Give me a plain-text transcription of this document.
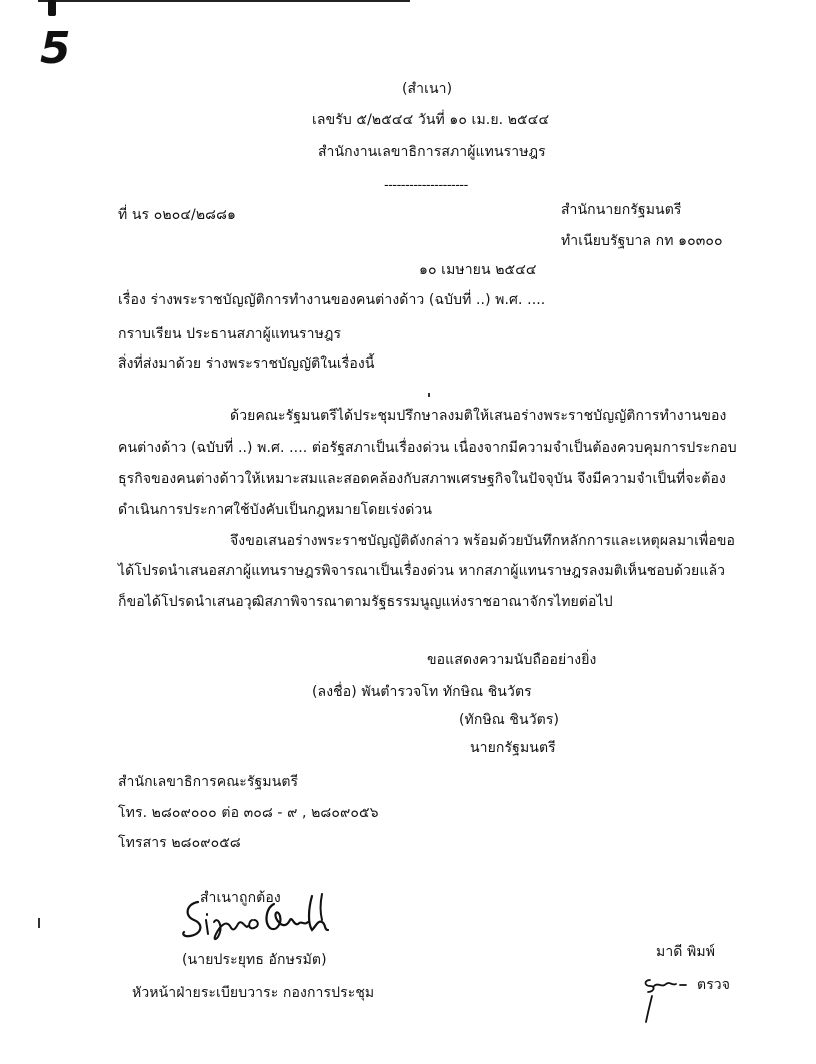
5
(สำเนา)
เลขรับ ๕/๒๕๔๔ วันที่ ๑๐ เม.ย. ๒๕๔๔
สำนักงานเลขาธิการสภาผู้แทนราษฎร
--------------------
ที่ นร ๐๒๐๔/๒๘๘๑	สำนักนายกรัฐมนตรี
ทำเนียบรัฐบาล กท ๑๐๓๐๐
๑๐ เมษายน ๒๕๔๔
เรื่อง ร่างพระราชบัญญัติการทำงานของคนต่างด้าว (ฉบับที่ ..) พ.ศ. ....
กราบเรียน ประธานสภาผู้แทนราษฎร
สิ่งที่ส่งมาด้วย ร่างพระราชบัญญัติในเรื่องนี้
ด้วยคณะรัฐมนตรีได้ประชุมปรึกษาลงมติให้เสนอร่างพระราชบัญญัติการทำงานของ
คนต่างด้าว (ฉบับที่ ..) พ.ศ. .... ต่อรัฐสภาเป็นเรื่องด่วน เนื่องจากมีความจำเป็นต้องควบคุมการประกอบ
ธุรกิจของคนต่างด้าวให้เหมาะสมและสอดคล้องกับสภาพเศรษฐกิจในปัจจุบัน จึงมีความจำเป็นที่จะต้อง
ดำเนินการประกาศใช้บังคับเป็นกฎหมายโดยเร่งด่วน
จึงขอเสนอร่างพระราชบัญญัติดังกล่าว พร้อมด้วยบันทึกหลักการและเหตุผลมาเพื่อขอ
ได้โปรดนำเสนอสภาผู้แทนราษฎรพิจารณาเป็นเรื่องด่วน หากสภาผู้แทนราษฎรลงมติเห็นชอบด้วยแล้ว
ก็ขอได้โปรดนำเสนอวุฒิสภาพิจารณาตามรัฐธรรมนูญแห่งราชอาณาจักรไทยต่อไป
ขอแสดงความนับถืออย่างยิ่ง
(ลงชื่อ) พันตำรวจโท ทักษิณ ชินวัตร
(ทักษิณ ชินวัตร)
นายกรัฐมนตรี
สำนักเลขาธิการคณะรัฐมนตรี
โทร. ๒๘๐๙๐๐๐ ต่อ ๓๐๘ - ๙ , ๒๘๐๙๐๕๖
โทรสาร ๒๘๐๙๐๕๘
สำเนาถูกต้อง
(นายประยุทธ อักษรมัต)
หัวหน้าฝ่ายระเบียบวาระ กองการประชุม
มาดี พิมพ์
ตรวจ
